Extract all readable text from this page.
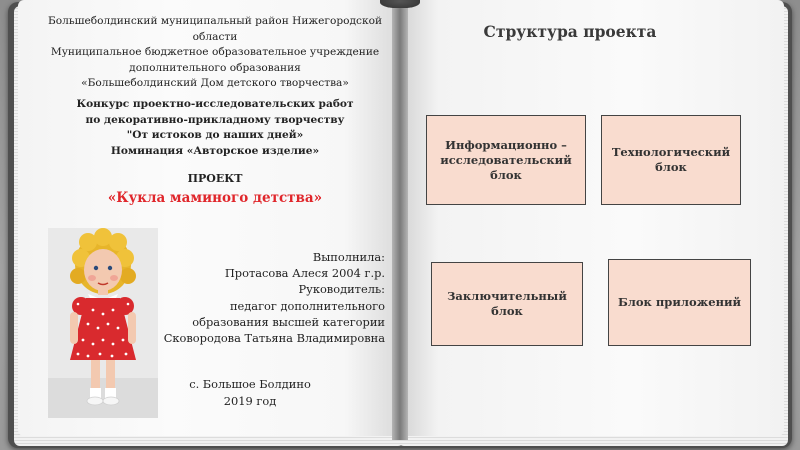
Большеболдинский муниципальный район Нижегородской области
Муниципальное бюджетное образовательное учреждение
дополнительного образования
«Большеболдинский Дом детского творчества»
Конкурс проектно-исследовательских работ
по декоративно-прикладному творчеству
"От истоков до наших дней»
Номинация «Авторское изделие»
ПРОЕКТ
«Кукла маминого детства»
Выполнила:
Протасова Алеся 2004 г.р.
Руководитель:
педагог дополнительного
образования высшей категории
Сковородова Татьяна Владимировна
с. Большое Болдино
2019 год
Структура проекта
Информационно –
исследовательский
блок
Технологический
блок
Заключительный
блок
Блок приложений
